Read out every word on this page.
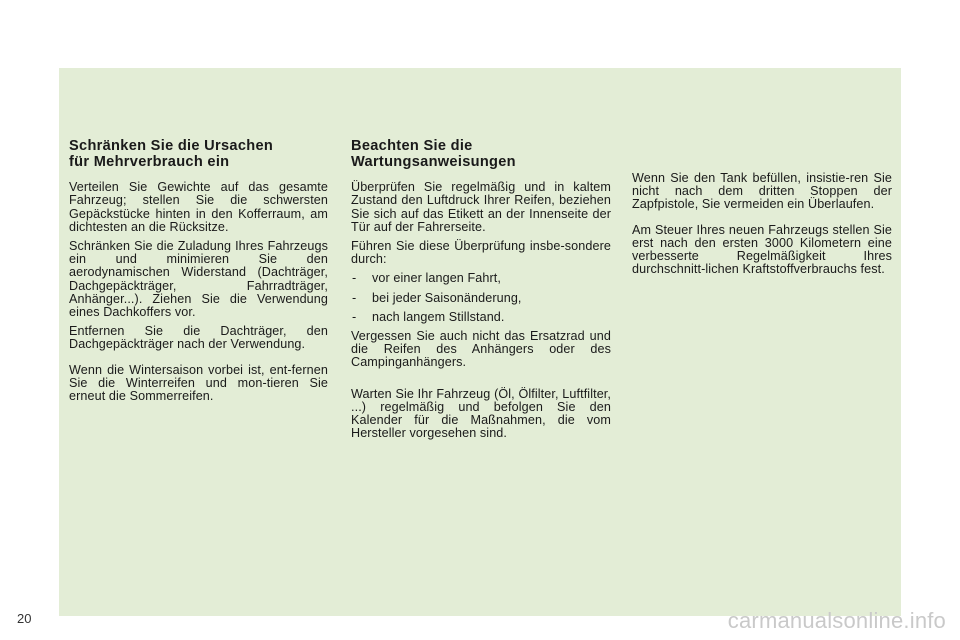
Schränken Sie die Ursachen
für Mehrverbrauch ein

Verteilen Sie Gewichte auf das gesamte Fahrzeug; stellen Sie die schwersten Gepäckstücke hinten in den Kofferraum, am dichtesten an die Rücksitze.

Schränken Sie die Zuladung Ihres Fahrzeugs ein und minimieren Sie den aerodynamischen Widerstand (Dachträger, Dachgepäckträger, Fahrradträger, Anhänger...). Ziehen Sie die Verwendung eines Dachkoffers vor.

Entfernen Sie die Dachträger, den Dachgepäckträger nach der Verwendung.

Wenn die Wintersaison vorbei ist, ent-fernen Sie die Winterreifen und mon-tieren Sie erneut die Sommerreifen.

Beachten Sie die
Wartungsanweisungen

Überprüfen Sie regelmäßig und in kaltem Zustand den Luftdruck Ihrer Reifen, beziehen Sie sich auf das Etikett an der Innenseite der Tür auf der Fahrerseite.

Führen Sie diese Überprüfung insbe-sondere durch:

- vor einer langen Fahrt,
- bei jeder Saisonänderung,
- nach langem Stillstand.

Vergessen Sie auch nicht das Ersatzrad und die Reifen des Anhängers oder des Campinganhängers.

Warten Sie Ihr Fahrzeug (Öl, Ölfilter, Luftfilter, ...) regelmäßig und befolgen Sie den Kalender für die Maßnahmen, die vom Hersteller vorgesehen sind.

Wenn Sie den Tank befüllen, insistie-ren Sie nicht nach dem dritten Stoppen der Zapfpistole, Sie vermeiden ein Überlaufen.

Am Steuer Ihres neuen Fahrzeugs stellen Sie erst nach den ersten 3000 Kilometern eine verbesserte Regelmäßigkeit Ihres durchschnitt-lichen Kraftstoffverbrauchs fest.

20	carmanualsonline.info
